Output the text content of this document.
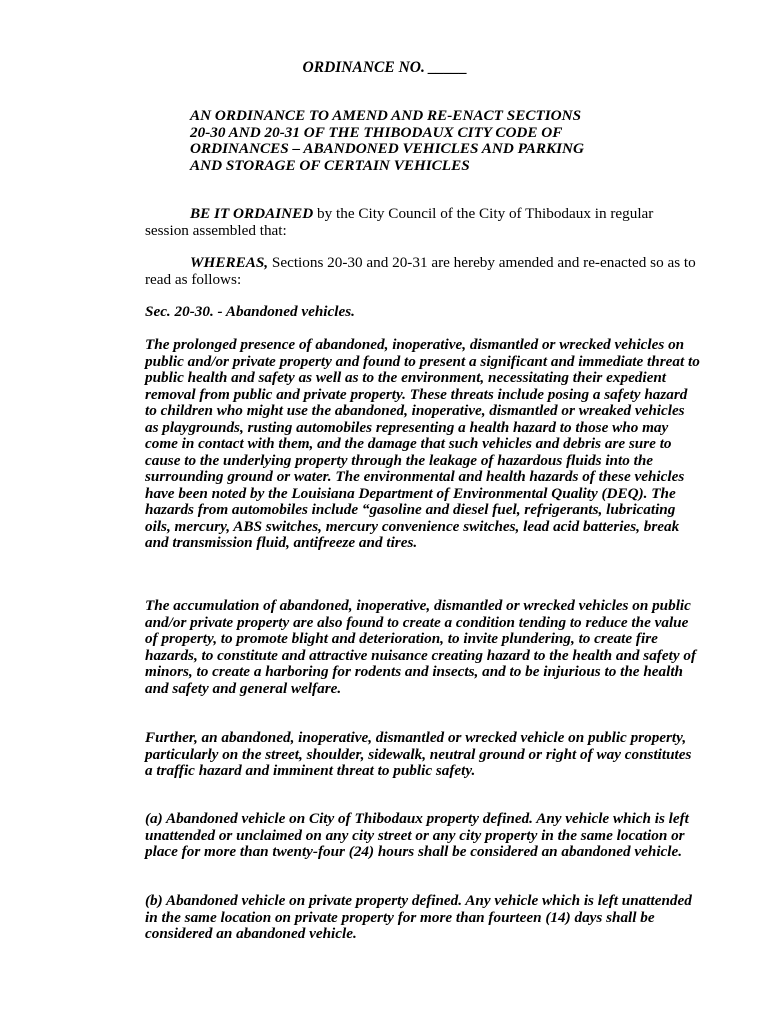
ORDINANCE NO. _____

AN ORDINANCE TO AMEND AND RE-ENACT SECTIONS
20-30 AND 20-31 OF THE THIBODAUX CITY CODE OF
ORDINANCES – ABANDONED VEHICLES AND PARKING
AND STORAGE OF CERTAIN VEHICLES

BE IT ORDAINED by the City Council of the City of Thibodaux in regular session assembled that:

WHEREAS, Sections 20-30 and 20-31 are hereby amended and re-enacted so as to read as follows:

Sec. 20-30. - Abandoned vehicles.

The prolonged presence of abandoned, inoperative, dismantled or wrecked vehicles on public and/or private property and found to present a significant and immediate threat to public health and safety as well as to the environment, necessitating their expedient removal from public and private property. These threats include posing a safety hazard to children who might use the abandoned, inoperative, dismantled or wreaked vehicles as playgrounds, rusting automobiles representing a health hazard to those who may come in contact with them, and the damage that such vehicles and debris are sure to cause to the underlying property through the leakage of hazardous fluids into the surrounding ground or water. The environmental and health hazards of these vehicles have been noted by the Louisiana Department of Environmental Quality (DEQ). The hazards from automobiles include “gasoline and diesel fuel, refrigerants, lubricating oils, mercury, ABS switches, mercury convenience switches, lead acid batteries, break and transmission fluid, antifreeze and tires.

The accumulation of abandoned, inoperative, dismantled or wrecked vehicles on public and/or private property are also found to create a condition tending to reduce the value of property, to promote blight and deterioration, to invite plundering, to create fire hazards, to constitute and attractive nuisance creating hazard to the health and safety of minors, to create a harboring for rodents and insects, and to be injurious to the health and safety and general welfare.

Further, an abandoned, inoperative, dismantled or wrecked vehicle on public property, particularly on the street, shoulder, sidewalk, neutral ground or right of way constitutes a traffic hazard and imminent threat to public safety.

(a) Abandoned vehicle on City of Thibodaux property defined. Any vehicle which is left unattended or unclaimed on any city street or any city property in the same location or place for more than twenty-four (24) hours shall be considered an abandoned vehicle.

(b) Abandoned vehicle on private property defined. Any vehicle which is left unattended in the same location on private property for more than fourteen (14) days shall be considered an abandoned vehicle.
